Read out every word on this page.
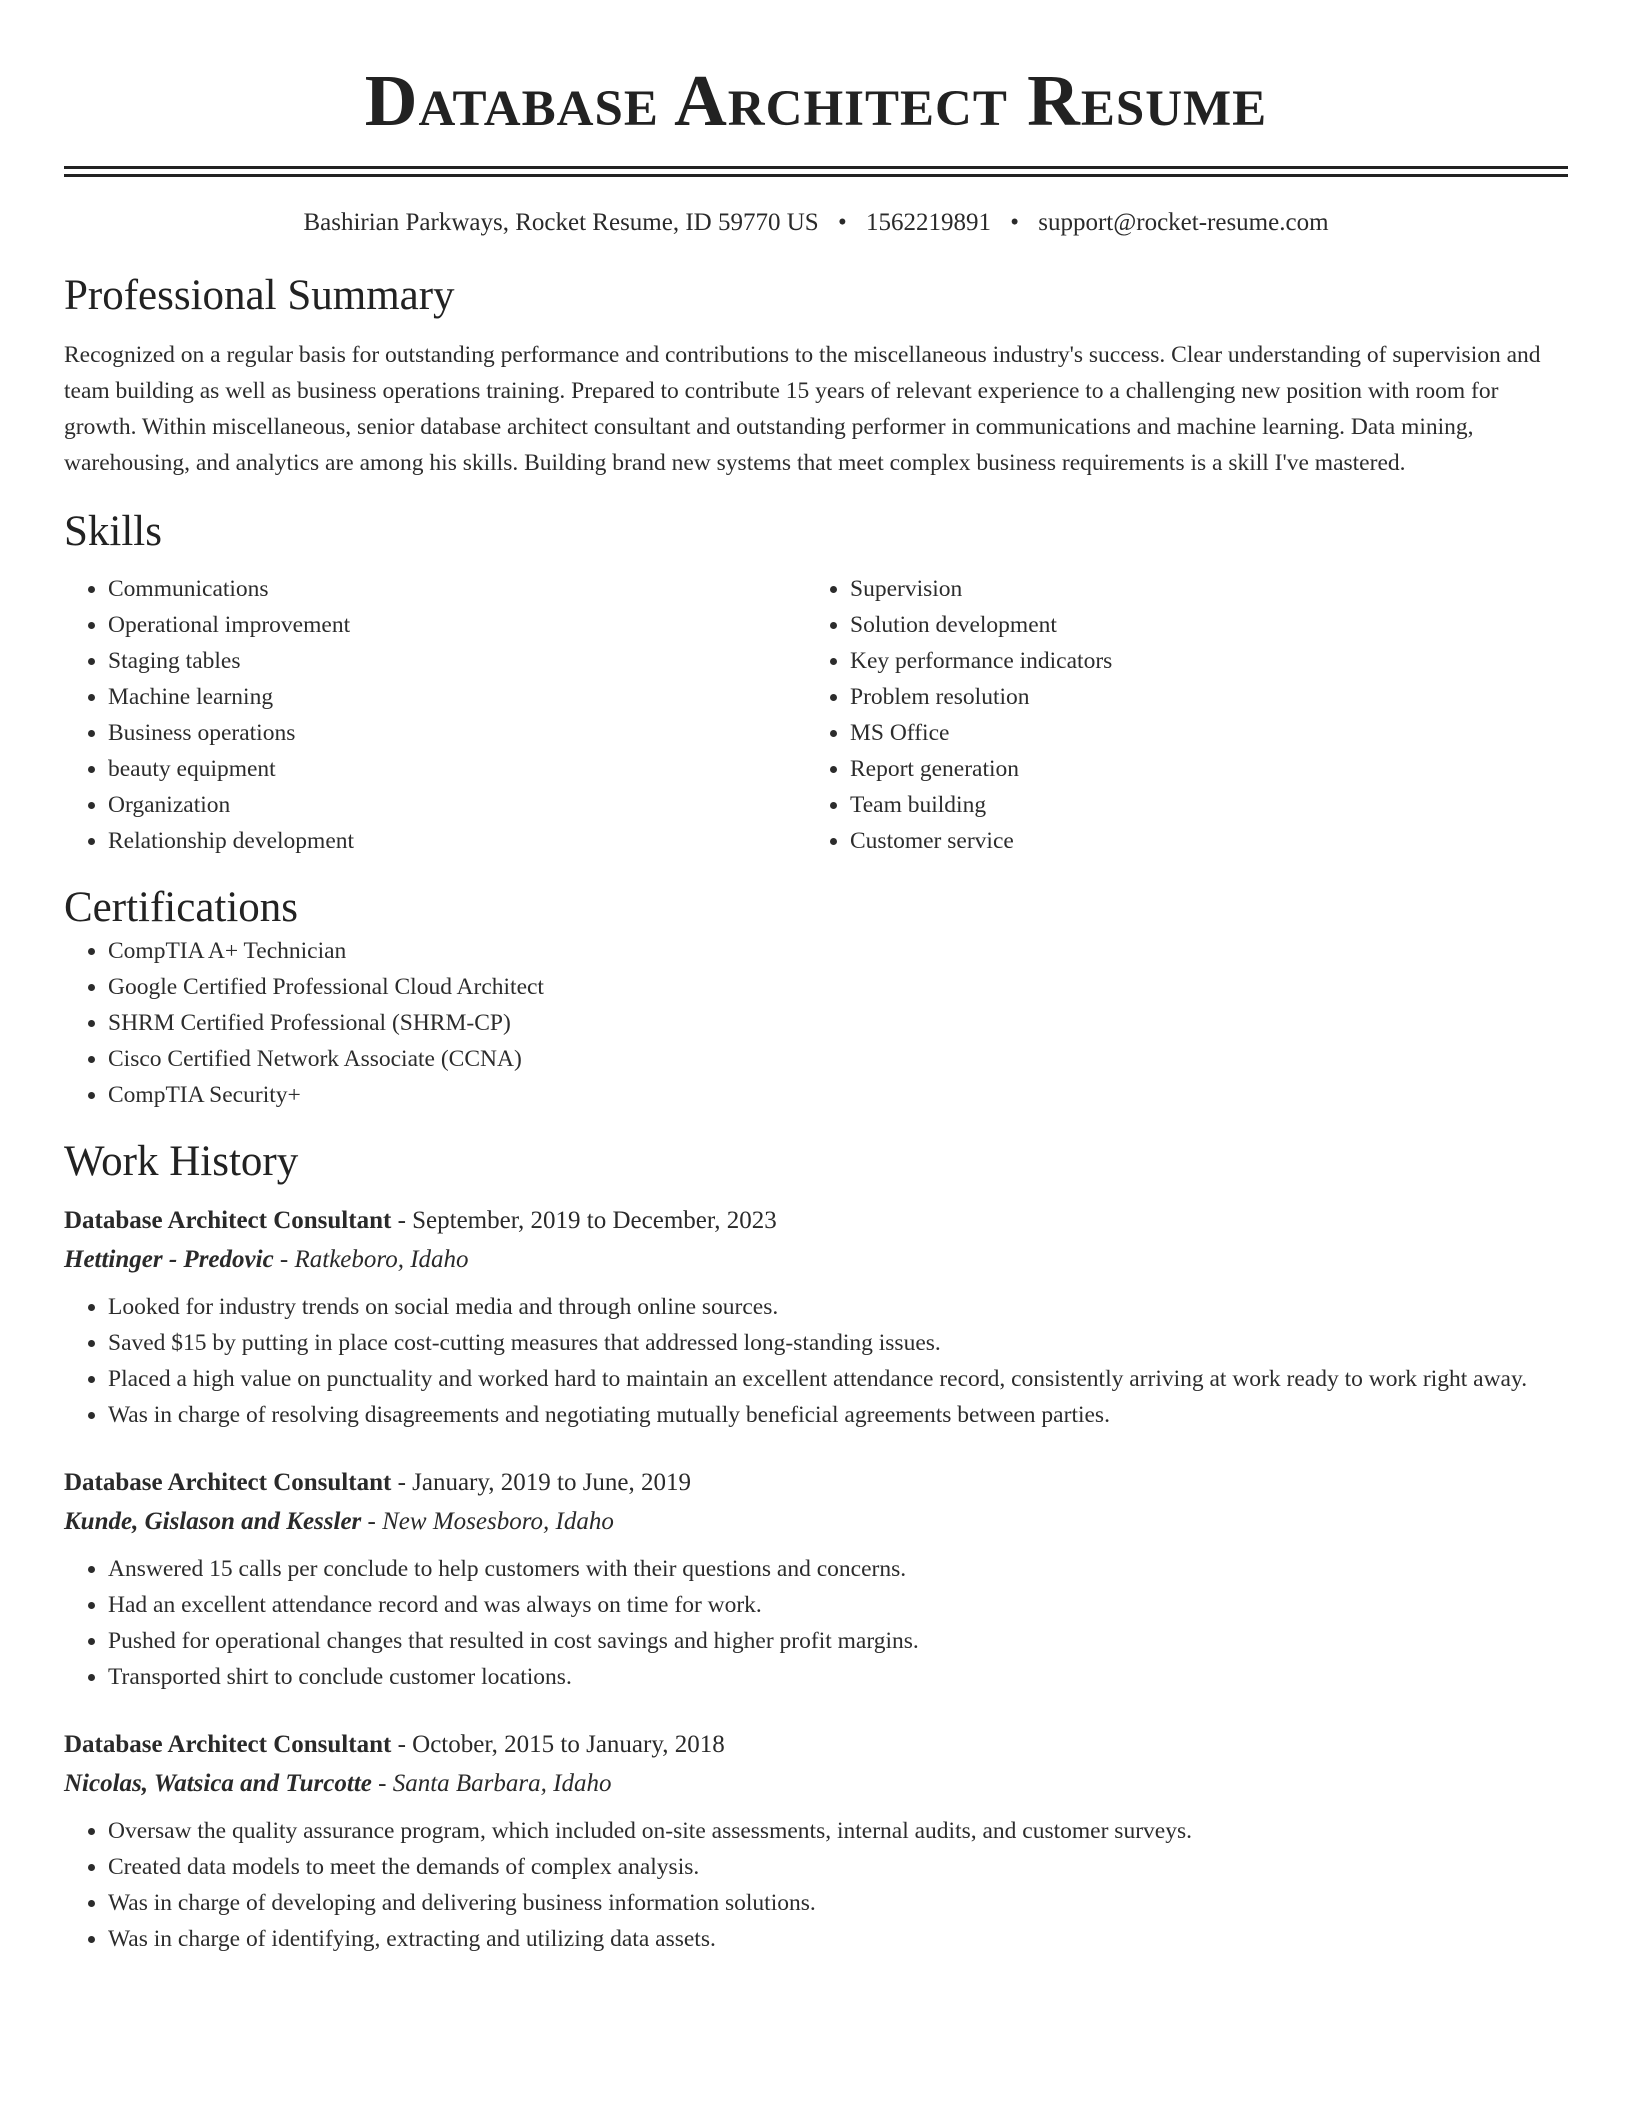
Database Architect Resume
Bashirian Parkways, Rocket Resume, ID 59770 US • 1562219891 • support@rocket-resume.com
Professional Summary
Recognized on a regular basis for outstanding performance and contributions to the miscellaneous industry's success. Clear understanding of supervision and team building as well as business operations training. Prepared to contribute 15 years of relevant experience to a challenging new position with room for growth. Within miscellaneous, senior database architect consultant and outstanding performer in communications and machine learning. Data mining, warehousing, and analytics are among his skills. Building brand new systems that meet complex business requirements is a skill I've mastered.
Skills
• Communications
• Operational improvement
• Staging tables
• Machine learning
• Business operations
• beauty equipment
• Organization
• Relationship development
• Supervision
• Solution development
• Key performance indicators
• Problem resolution
• MS Office
• Report generation
• Team building
• Customer service
Certifications
• CompTIA A+ Technician
• Google Certified Professional Cloud Architect
• SHRM Certified Professional (SHRM-CP)
• Cisco Certified Network Associate (CCNA)
• CompTIA Security+
Work History
Database Architect Consultant - September, 2019 to December, 2023
Hettinger - Predovic - Ratkeboro, Idaho
• Looked for industry trends on social media and through online sources.
• Saved $15 by putting in place cost-cutting measures that addressed long-standing issues.
• Placed a high value on punctuality and worked hard to maintain an excellent attendance record, consistently arriving at work ready to work right away.
• Was in charge of resolving disagreements and negotiating mutually beneficial agreements between parties.
Database Architect Consultant - January, 2019 to June, 2019
Kunde, Gislason and Kessler - New Mosesboro, Idaho
• Answered 15 calls per conclude to help customers with their questions and concerns.
• Had an excellent attendance record and was always on time for work.
• Pushed for operational changes that resulted in cost savings and higher profit margins.
• Transported shirt to conclude customer locations.
Database Architect Consultant - October, 2015 to January, 2018
Nicolas, Watsica and Turcotte - Santa Barbara, Idaho
• Oversaw the quality assurance program, which included on-site assessments, internal audits, and customer surveys.
• Created data models to meet the demands of complex analysis.
• Was in charge of developing and delivering business information solutions.
• Was in charge of identifying, extracting and utilizing data assets.
